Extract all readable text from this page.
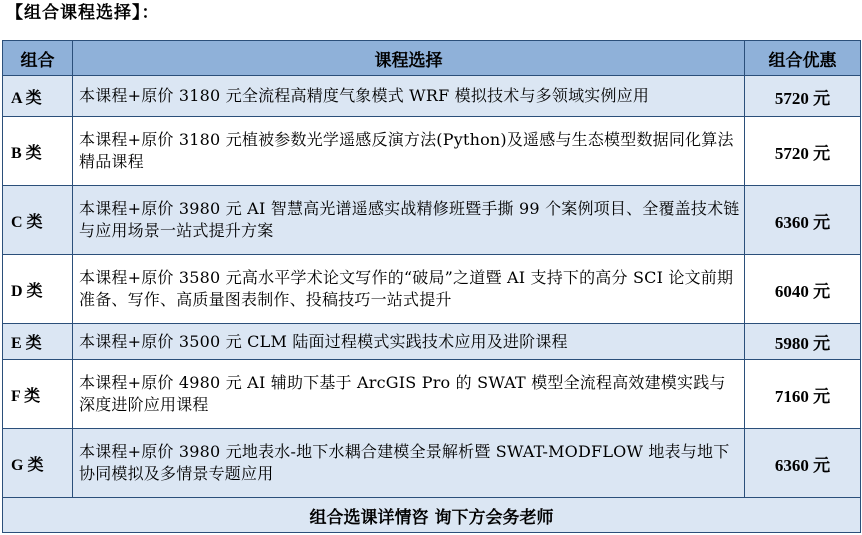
【组合课程选择】：
组合	课程选择	组合优惠
A 类	本课程+原价 3180 元全流程高精度气象模式 WRF 模拟技术与多领域实例应用	5720 元
B 类	本课程+原价 3180 元植被参数光学遥感反演方法(Python)及遥感与生态模型数据同化算法精品课程	5720 元
C 类	本课程+原价 3980 元 AI 智慧高光谱遥感实战精修班暨手撕 99 个案例项目、全覆盖技术链与应用场景一站式提升方案	6360 元
D 类	本课程+原价 3580 元高水平学术论文写作的“破局”之道暨 AI 支持下的高分 SCI 论文前期准备、写作、高质量图表制作、投稿技巧一站式提升	6040 元
E 类	本课程+原价 3500 元 CLM 陆面过程模式实践技术应用及进阶课程	5980 元
F 类	本课程+原价 4980 元 AI 辅助下基于 ArcGIS Pro 的 SWAT 模型全流程高效建模实践与深度进阶应用课程	7160 元
G 类	本课程+原价 3980 元地表水-地下水耦合建模全景解析暨 SWAT-MODFLOW 地表与地下协同模拟及多情景专题应用	6360 元
组合选课详情咨 询下方会务老师		
